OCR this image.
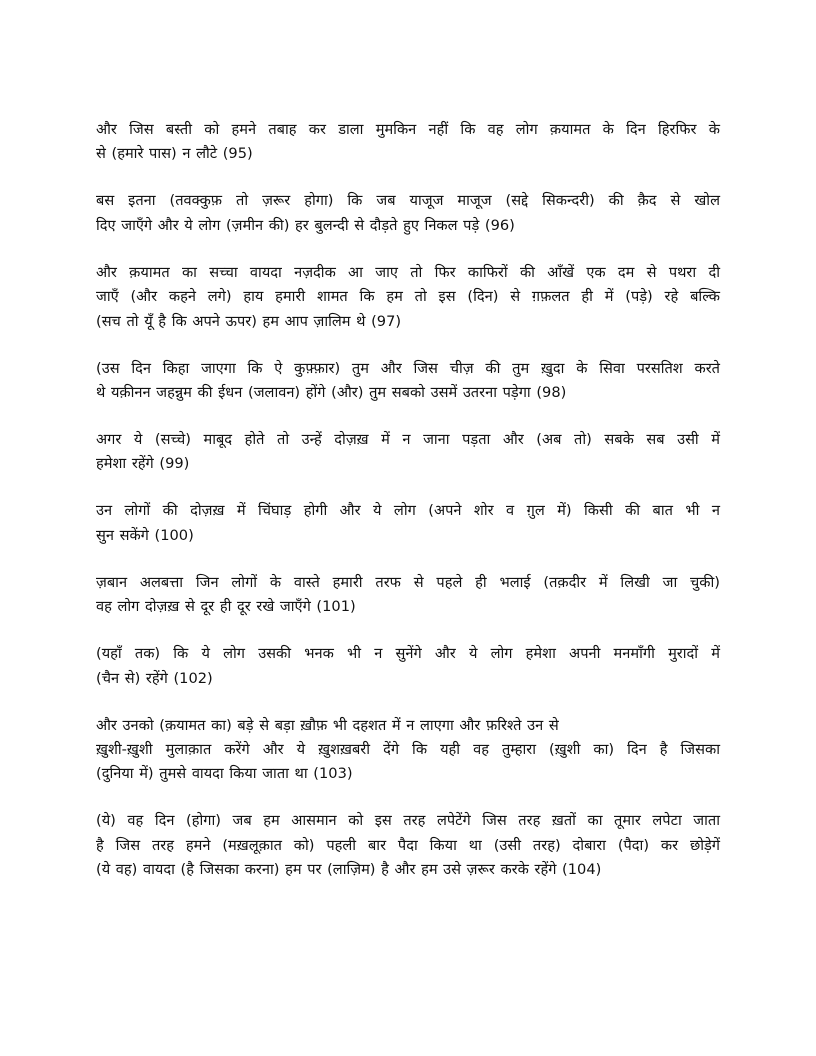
और जिस बस्ती को हमने तबाह कर डाला मुमकिन नहीं कि वह लोग क़यामत के दिन हिरफिर के
से (हमारे पास) न लौटे (95)

बस इतना (तवक्कुफ़ तो ज़रूर होगा) कि जब याजूज माजूज (सद्दे सिकन्दरी) की क़ैद से खोल
दिए जाएँगे और ये लोग (ज़मीन की) हर बुलन्दी से दौड़ते हुए निकल पड़े (96)

और क़यामत का सच्चा वायदा नज़दीक आ जाए तो फिर काफिरों की आँखें एक दम से पथरा दी
जाएँ (और कहने लगे) हाय हमारी शामत कि हम तो इस (दिन) से ग़फ़लत ही में (पड़े) रहे बल्कि
(सच तो यूँ है कि अपने ऊपर) हम आप ज़ालिम थे (97)

(उस दिन किहा जाएगा कि ऐ कुफ़्फ़ार) तुम और जिस चीज़ की तुम ख़ुदा के सिवा परसतिश करते
थे यक़ीनन जहन्नुम की ईधन (जलावन) होंगे (और) तुम सबको उसमें उतरना पड़ेगा (98)

अगर ये (सच्चे) माबूद होते तो उन्हें दोज़ख़ में न जाना पड़ता और (अब तो) सबके सब उसी में
हमेशा रहेंगे (99)

उन लोगों की दोज़ख़ में चिंघाड़ होगी और ये लोग (अपने शोर व ग़ुल में) किसी की बात भी न
सुन सकेंगे (100)

ज़बान अलबत्ता जिन लोगों के वास्ते हमारी तरफ से पहले ही भलाई (तक़दीर में लिखी जा चुकी)
वह लोग दोज़ख़ से दूर ही दूर रखे जाएँगे (101)

(यहाँ तक) कि ये लोग उसकी भनक भी न सुनेंगे और ये लोग हमेशा अपनी मनमाँगी मुरादों में
(चैन से) रहेंगे (102)

और उनको (क़यामत का) बड़े से बड़ा ख़ौफ़ भी दहशत में न लाएगा और फ़रिश्ते उन से
ख़ुशी-ख़ुशी मुलाक़ात करेंगे और ये ख़ुशख़बरी देंगे कि यही वह तुम्हारा (ख़ुशी का) दिन है जिसका
(दुनिया में) तुमसे वायदा किया जाता था (103)

(ये) वह दिन (होगा) जब हम आसमान को इस तरह लपेटेंगे जिस तरह ख़तों का तूमार लपेटा जाता
है जिस तरह हमने (मख़लूक़ात को) पहली बार पैदा किया था (उसी तरह) दोबारा (पैदा) कर छोड़ेगें
(ये वह) वायदा (है जिसका करना) हम पर (लाज़िम) है और हम उसे ज़रूर करके रहेंगे (104)
